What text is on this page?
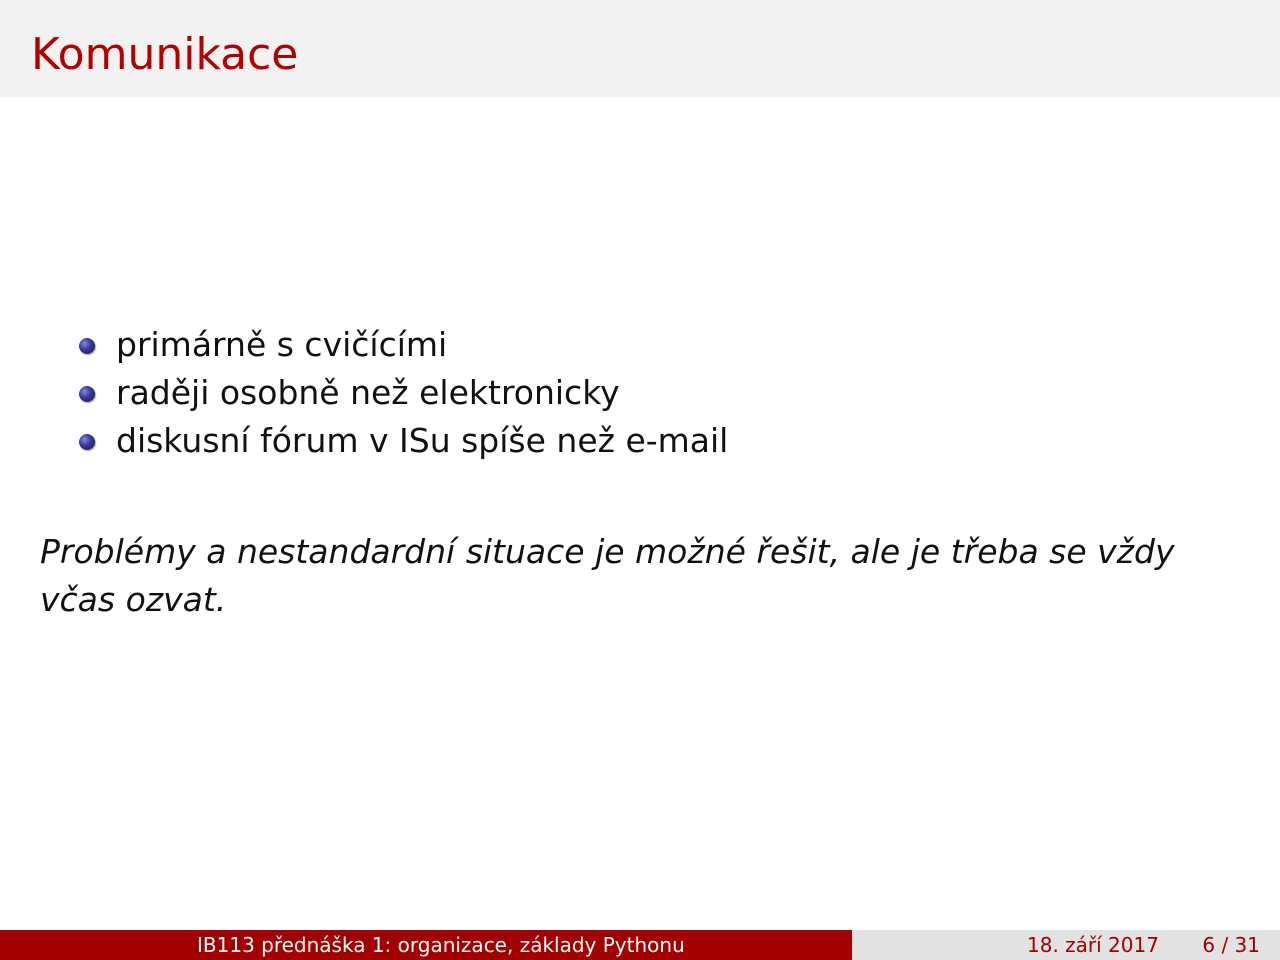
Komunikace
primárně s cvičícími
raději osobně než elektronicky
diskusní fórum v ISu spíše než e-mail

Problémy a nestandardní situace je možné řešit, ale je třeba se vždy včas ozvat.

IB113 přednáška 1: organizace, základy Pythonu	18. září 2017 6 / 31
